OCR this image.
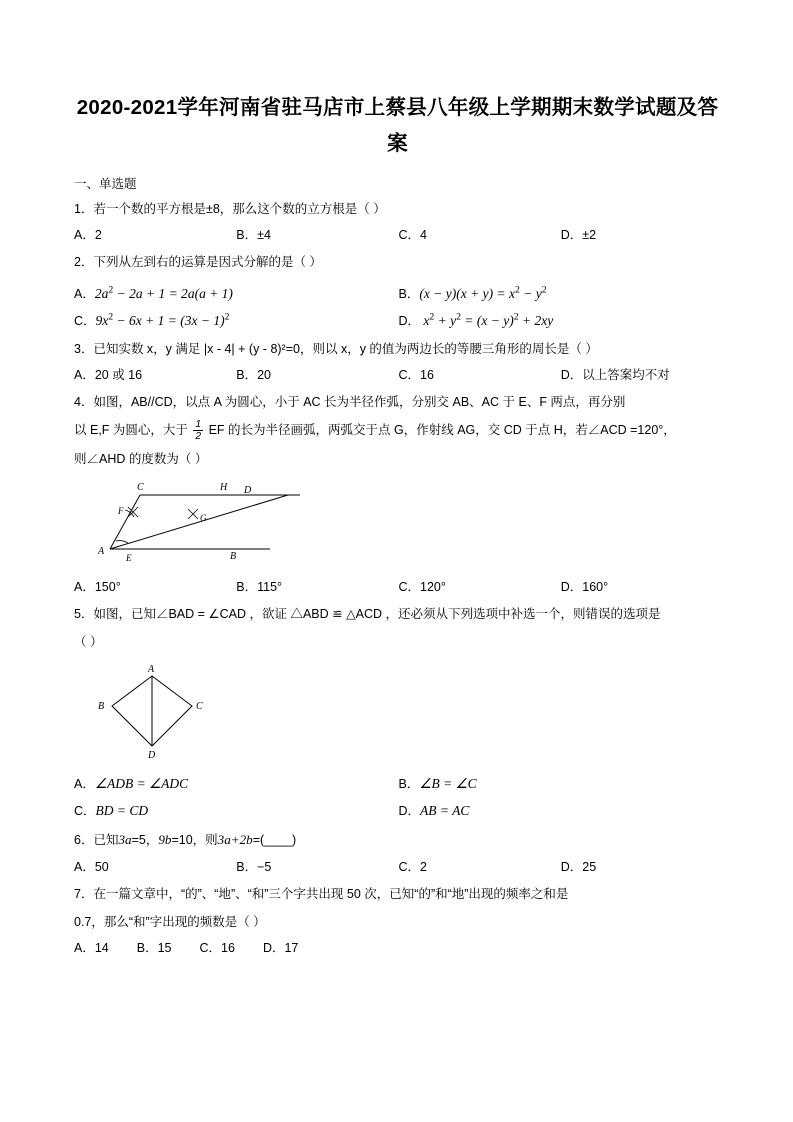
2020-2021学年河南省驻马店市上蔡县八年级上学期期末数学试题及答案
一、单选题
1．若一个数的平方根是±8，那么这个数的立方根是（ ）
A．2	B．±4	C．4	D．±2
2．下列从左到右的运算是因式分解的是（ ）
A．$2a^2 - 2a + 1 = 2a(a + 1)$	B．$(x - y)(x + y) = x^2 - y^2$
C．$9x^2 - 6x + 1 = (3x - 1)^2$	D． $x^2 + y^2 = (x - y)^2 + 2xy$
3．已知实数 x，y 满足 |x - 4| + (y - 8)²=0，则以 x，y 的值为两边长的等腰三角形的周长是（ ）
A．20 或 16	B．20	C．16	D．以上答案均不对
4．如图，AB//CD，以点 A 为圆心，小于 AC 长为半径作弧，分别交 AB、AC 于 E、F 两点，再分别
以 E,F 为圆心，大于 $\frac{1}{2}$ EF 的长为半径画弧，两弧交于点 G，作射线 AG，交 CD 于点 H，若∠ACD =120°，
则∠AHD 的度数为（ ）
C	H D
F
G
A
E	B
A．150°	B．115°	C．120°	D．160°
5．如图，已知∠BAD = ∠CAD ，欲证 △ABD ≌ △ACD ，还必须从下列选项中补选一个，则错误的选项是
（ ）
A
B	C
D
A．∠ADB = ∠ADC	B．∠B = ∠C
C．BD = CD	D．AB = AC
6．已知3a=5，9b=10，则3a+2b=(____)
A．50	B．−5	C．2	D．25
7．在一篇文章中，“的”、“地”、“和”三个字共出现 50 次，已知“的”和“地”出现的频率之和是
0.7，那么“和”字出现的频数是（ ）
A．14 B．15 C．16 D．17
